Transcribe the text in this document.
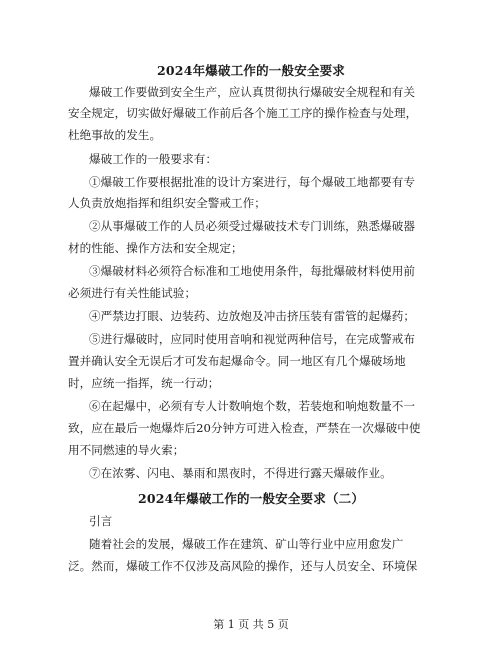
2024年爆破工作的一般安全要求
爆破工作要做到安全生产，应认真贯彻执行爆破安全规程和有关
安全规定，切实做好爆破工作前后各个施工工序的操作检查与处理，
杜绝事故的发生。
爆破工作的一般要求有：
①爆破工作要根据批准的设计方案进行，每个爆破工地都要有专
人负责放炮指挥和组织安全警戒工作；
②从事爆破工作的人员必须受过爆破技术专门训练，熟悉爆破器
材的性能、操作方法和安全规定；
③爆破材料必须符合标准和工地使用条件，每批爆破材料使用前
必须进行有关性能试验；
④严禁边打眼、边装药、边放炮及冲击挤压装有雷管的起爆药；
⑤进行爆破时，应同时使用音响和视觉两种信号，在完成警戒布
置并确认安全无误后才可发布起爆命令。同一地区有几个爆破场地
时，应统一指挥，统一行动；
⑥在起爆中，必须有专人计数响炮个数，若装炮和响炮数量不一
致，应在最后一炮爆炸后20分钟方可进入检查，严禁在一次爆破中使
用不同燃速的导火索；
⑦在浓雾、闪电、暴雨和黑夜时，不得进行露天爆破作业。
2024年爆破工作的一般安全要求（二）
引言
随着社会的发展，爆破工作在建筑、矿山等行业中应用愈发广
泛。然而，爆破工作不仅涉及高风险的操作，还与人员安全、环境保
第 1 页 共 5 页
